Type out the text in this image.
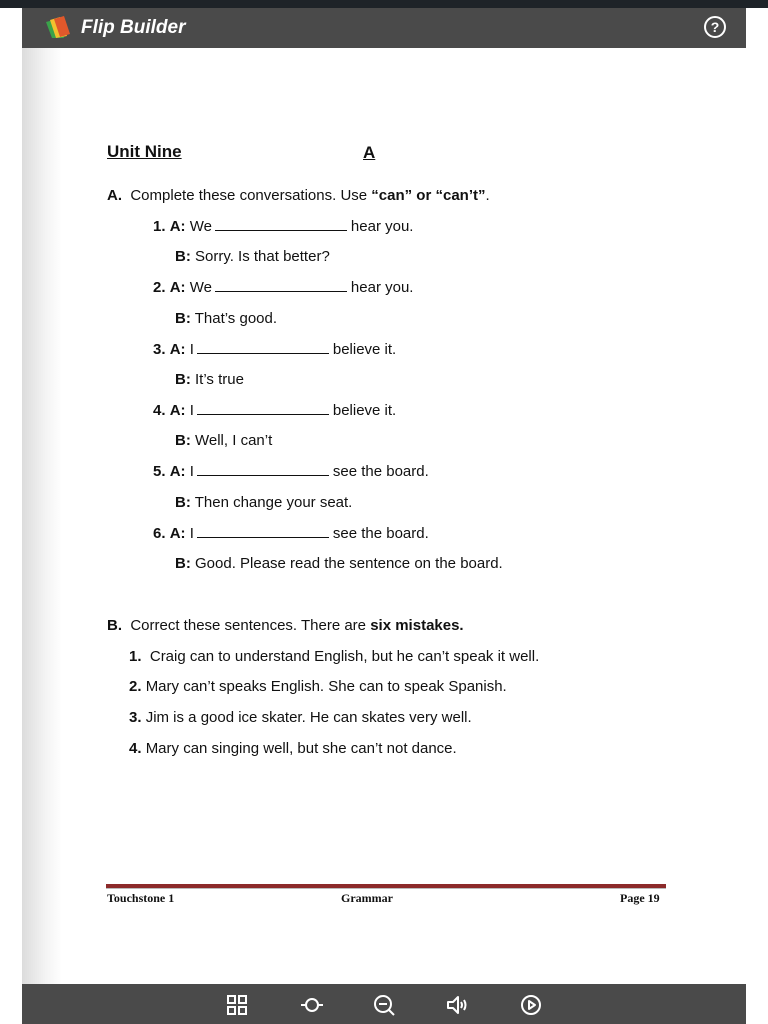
Flip Builder	?
Unit Nine	A
A. Complete these conversations. Use “can” or “can’t”.
1. A: We	hear you.
B: Sorry. Is that better?
2. A: We	hear you.
B: That’s good.
3. A: I	believe it.
B: It’s true
4. A: I	believe it.
B: Well, I can’t
5. A: I	see the board.
B: Then change your seat.
6. A: I	see the board.
B: Good. Please read the sentence on the board.
B. Correct these sentences. There are six mistakes.
1. Craig can to understand English, but he can’t speak it well.
2. Mary can’t speaks English. She can to speak Spanish.
3. Jim is a good ice skater. He can skates very well.
4. Mary can singing well, but she can’t not dance.
Touchstone 1	Grammar	Page 19
